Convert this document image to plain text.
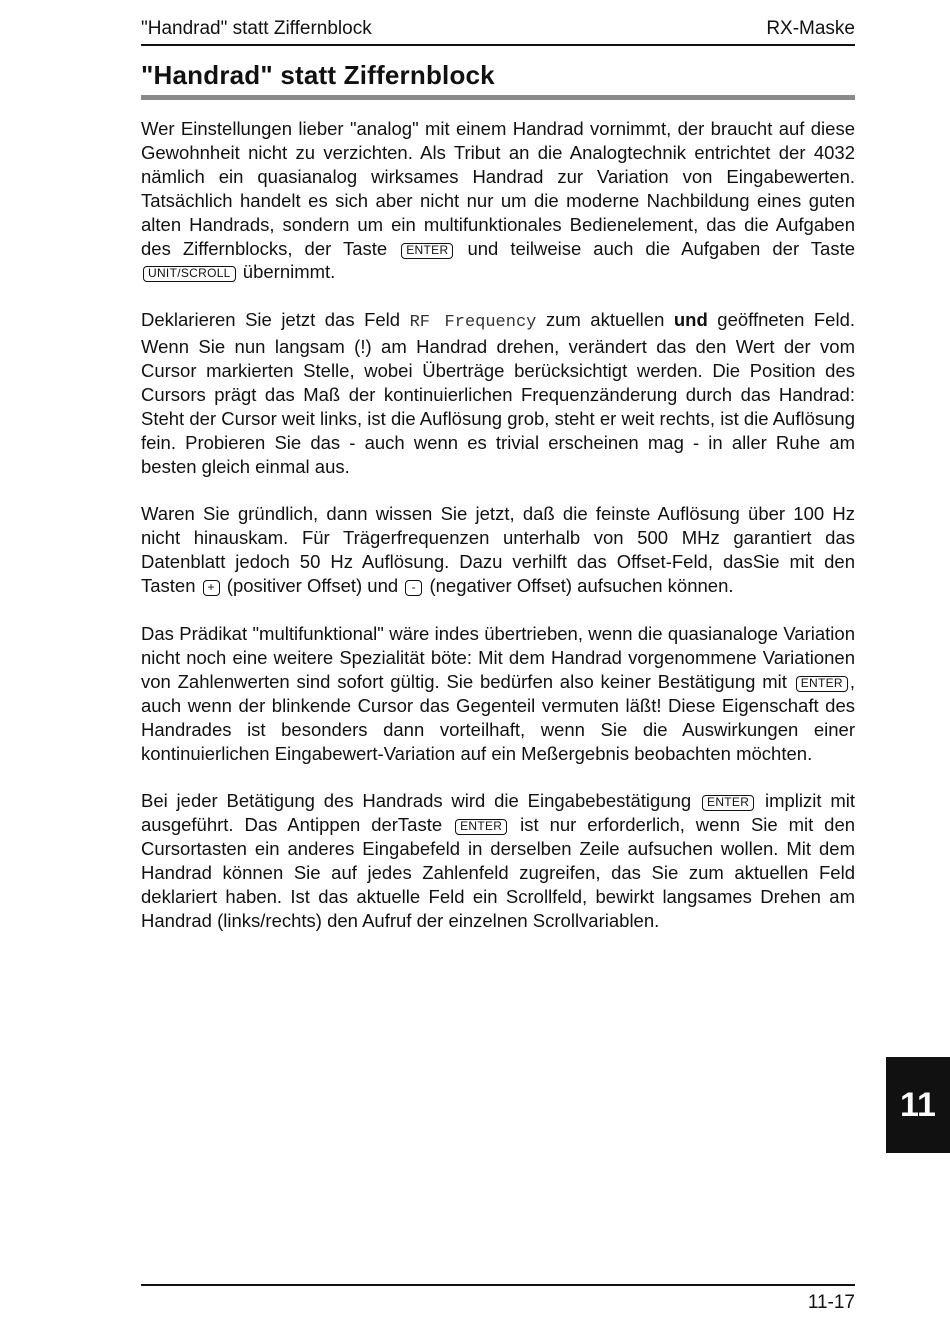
"Handrad" statt Ziffernblock	RX-Maske
"Handrad" statt Ziffernblock

Wer Einstellungen lieber "analog" mit einem Handrad vornimmt, der braucht auf diese Gewohnheit nicht zu verzichten. Als Tribut an die Analogtechnik entrichtet der 4032 nämlich ein quasianalog wirksames Handrad zur Variation von Eingabewerten. Tatsächlich handelt es sich aber nicht nur um die moderne Nachbildung eines guten alten Handrads, sondern um ein multifunktionales Bedienelement, das die Aufgaben des Ziffernblocks, der Taste ENTER und teilweise auch die Aufgaben der Taste UNIT/SCROLL übernimmt.

Deklarieren Sie jetzt das Feld RF Frequency zum aktuellen und geöffneten Feld. Wenn Sie nun langsam (!) am Handrad drehen, verändert das den Wert der vom Cursor markierten Stelle, wobei Überträge berücksichtigt werden. Die Position des Cursors prägt das Maß der kontinuierlichen Frequenzänderung durch das Handrad: Steht der Cursor weit links, ist die Auflösung grob, steht er weit rechts, ist die Auflösung fein. Probieren Sie das - auch wenn es trivial erscheinen mag - in aller Ruhe am besten gleich einmal aus.

Waren Sie gründlich, dann wissen Sie jetzt, daß die feinste Auflösung über 100 Hz nicht hinauskam. Für Trägerfrequenzen unterhalb von 500 MHz garantiert das Datenblatt jedoch 50 Hz Auflösung. Dazu verhilft das Offset-Feld, dasSie mit den Tasten + (positiver Offset) und - (negativer Offset) aufsuchen können.

Das Prädikat "multifunktional" wäre indes übertrieben, wenn die quasianaloge Variation nicht noch eine weitere Spezialität böte: Mit dem Handrad vorgenommene Variationen von Zahlenwerten sind sofort gültig. Sie bedürfen also keiner Bestätigung mit ENTER , auch wenn der blinkende Cursor das Gegenteil vermuten läßt! Diese Eigenschaft des Handrades ist besonders dann vorteilhaft, wenn Sie die Auswirkungen einer kontinuierlichen Eingabewert-Variation auf ein Meßergebnis beobachten möchten.

Bei jeder Betätigung des Handrads wird die Eingabebestätigung ENTER implizit mit ausgeführt. Das Antippen derTaste ENTER ist nur erforderlich, wenn Sie mit den Cursortasten ein anderes Eingabefeld in derselben Zeile aufsuchen wollen. Mit dem Handrad können Sie auf jedes Zahlenfeld zugreifen, das Sie zum aktuellen Feld deklariert haben. Ist das aktuelle Feld ein Scrollfeld, bewirkt langsames Drehen am Handrad (links/rechts) den Aufruf der einzelnen Scrollvariablen.

11
11-17
